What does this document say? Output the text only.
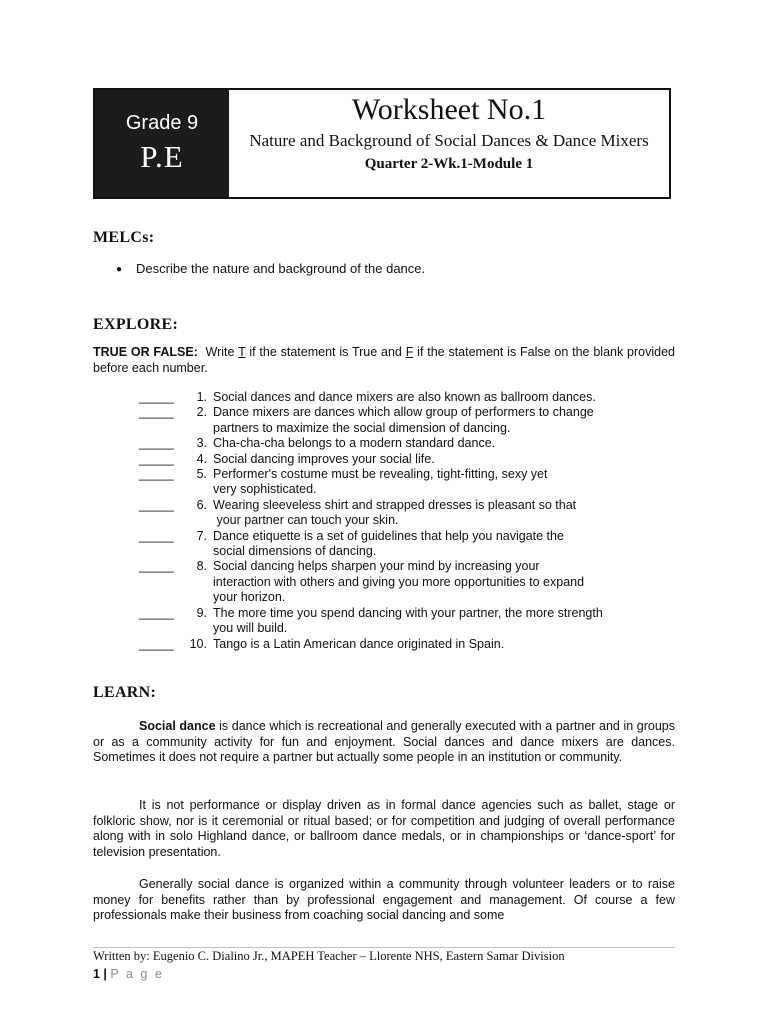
Grade 9
P.E
Worksheet No.1
Nature and Background of Social Dances & Dance Mixers
Quarter 2-Wk.1-Module 1
MELCs:
● Describe the nature and background of the dance.
EXPLORE:
TRUE OR FALSE:  Write T if the statement is True and F if the statement is False on the blank provided before each number.
_____	1. Social dances and dance mixers are also known as ballroom dances.
_____	2. Dance mixers are dances which allow group of performers to change
partners to maximize the social dimension of dancing.
_____	3. Cha-cha-cha belongs to a modern standard dance.
_____	4. Social dancing improves your social life.
_____	5. Performer's costume must be revealing, tight-fitting, sexy yet
very sophisticated.
_____	6. Wearing sleeveless shirt and strapped dresses is pleasant so that
your partner can touch your skin.
_____	7. Dance etiquette is a set of guidelines that help you navigate the
social dimensions of dancing.
_____	8. Social dancing helps sharpen your mind by increasing your
interaction with others and giving you more opportunities to expand
your horizon.
_____	9. The more time you spend dancing with your partner, the more strength
you will build.
_____	10. Tango is a Latin American dance originated in Spain.
LEARN:
Social dance is dance which is recreational and generally executed with a partner and in groups or as a community activity for fun and enjoyment. Social dances and dance mixers are dances. Sometimes it does not require a partner but actually some people in an institution or community.
It is not performance or display driven as in formal dance agencies such as ballet, stage or folkloric show, nor is it ceremonial or ritual based; or for competition and judging of overall performance along with in solo Highland dance, or ballroom dance medals, or in championships or ‘dance-sport’ for television presentation.
Generally social dance is organized within a community through volunteer leaders or to raise money for benefits rather than by professional engagement and management. Of course a few professionals make their business from coaching social dancing and some
Written by: Eugenio C. Dialino Jr., MAPEH Teacher – Llorente NHS, Eastern Samar Division
1 | P a g e
